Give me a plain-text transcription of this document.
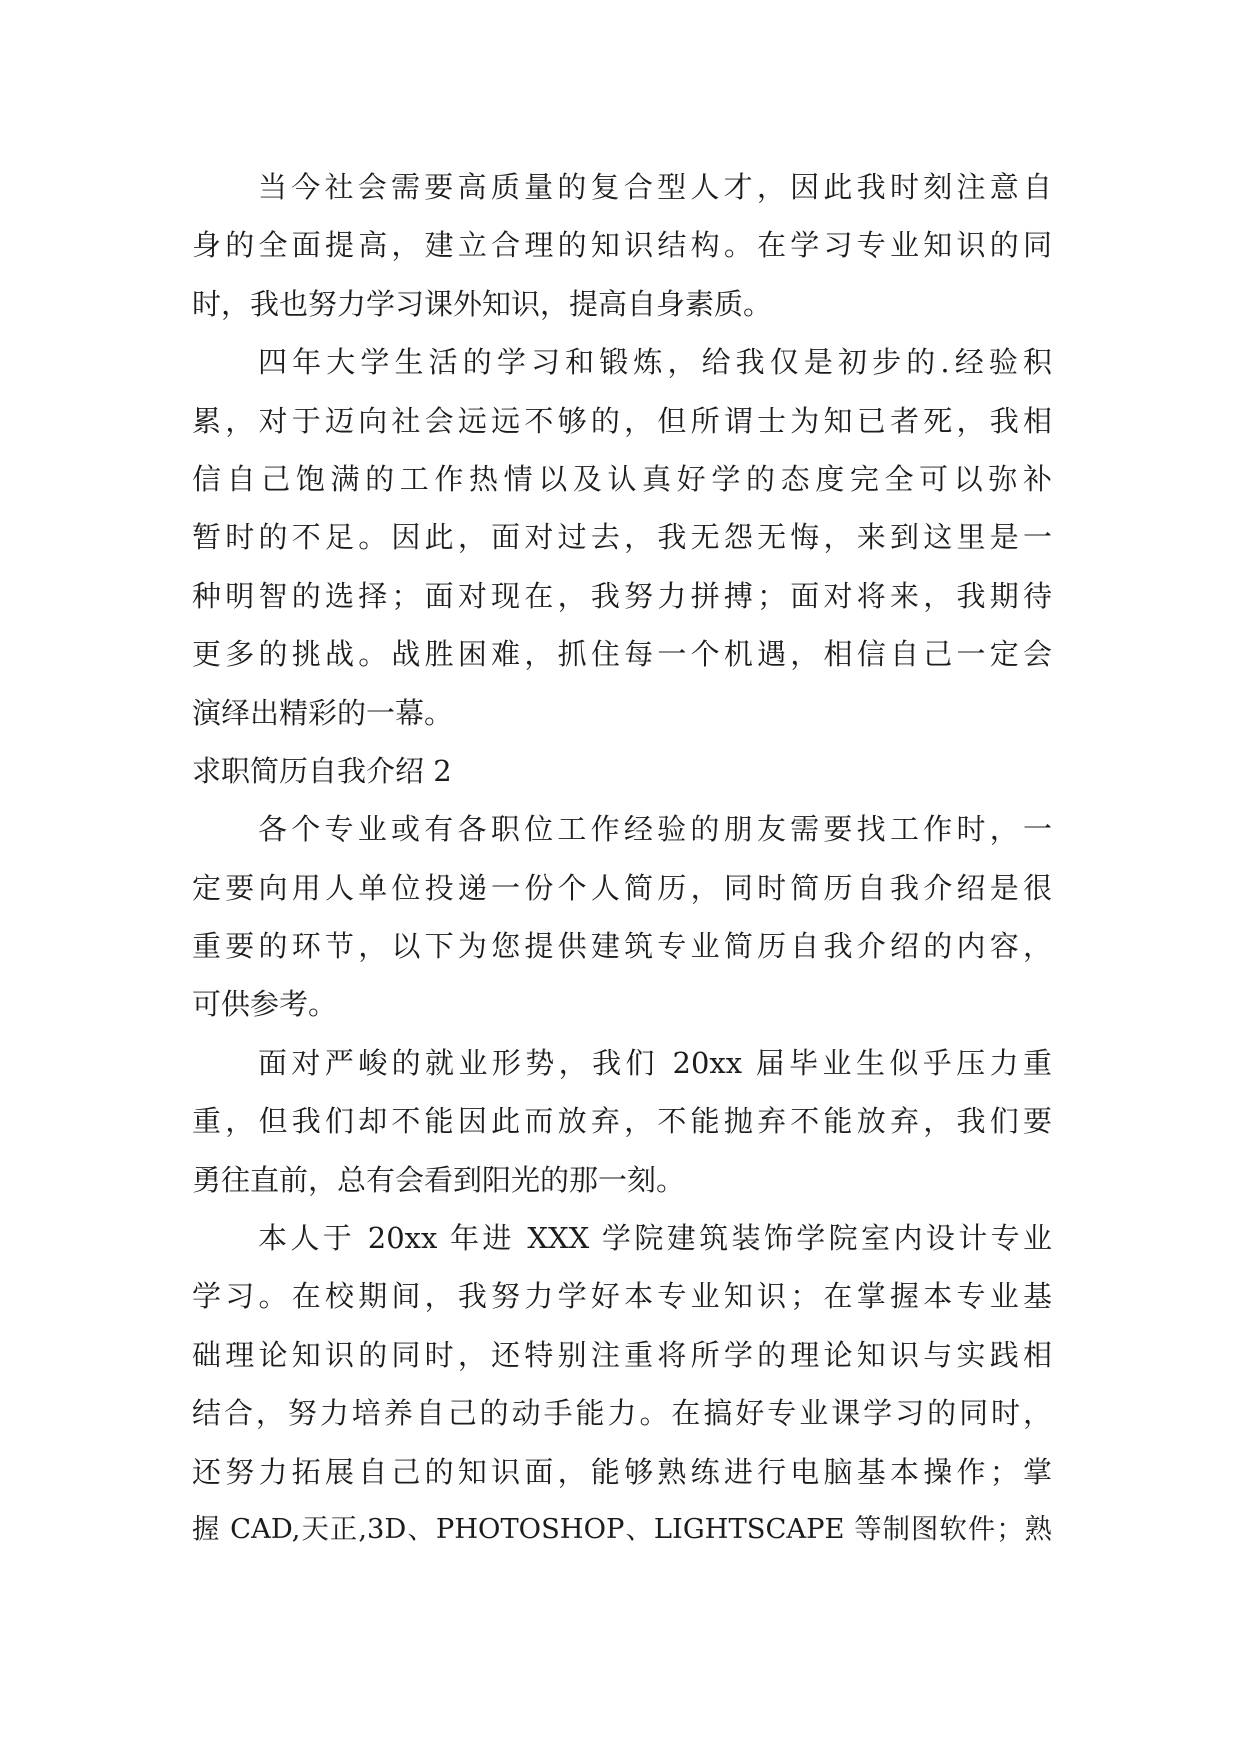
当今社会需要高质量的复合型人才，因此我时刻注意自
身的全面提高，建立合理的知识结构。在学习专业知识的同
时，我也努力学习课外知识，提高自身素质。
四年大学生活的学习和锻炼，给我仅是初步的.经验积
累，对于迈向社会远远不够的，但所谓士为知已者死，我相
信自己饱满的工作热情以及认真好学的态度完全可以弥补
暂时的不足。因此，面对过去，我无怨无悔，来到这里是一
种明智的选择；面对现在，我努力拼搏；面对将来，我期待
更多的挑战。战胜困难，抓住每一个机遇，相信自己一定会
演绎出精彩的一幕。
求职简历自我介绍 2
各个专业或有各职位工作经验的朋友需要找工作时，一
定要向用人单位投递一份个人简历，同时简历自我介绍是很
重要的环节，以下为您提供建筑专业简历自我介绍的内容，
可供参考。
面对严峻的就业形势，我们 20xx 届毕业生似乎压力重
重，但我们却不能因此而放弃，不能抛弃不能放弃，我们要
勇往直前，总有会看到阳光的那一刻。
本人于 20xx 年进 XXX 学院建筑装饰学院室内设计专业
学习。在校期间，我努力学好本专业知识；在掌握本专业基
础理论知识的同时，还特别注重将所学的理论知识与实践相
结合，努力培养自己的动手能力。在搞好专业课学习的同时，
还努力拓展自己的知识面，能够熟练进行电脑基本操作；掌
握 CAD,天正,3D、PHOTOSHOP、LIGHTSCAPE 等制图软件；熟
